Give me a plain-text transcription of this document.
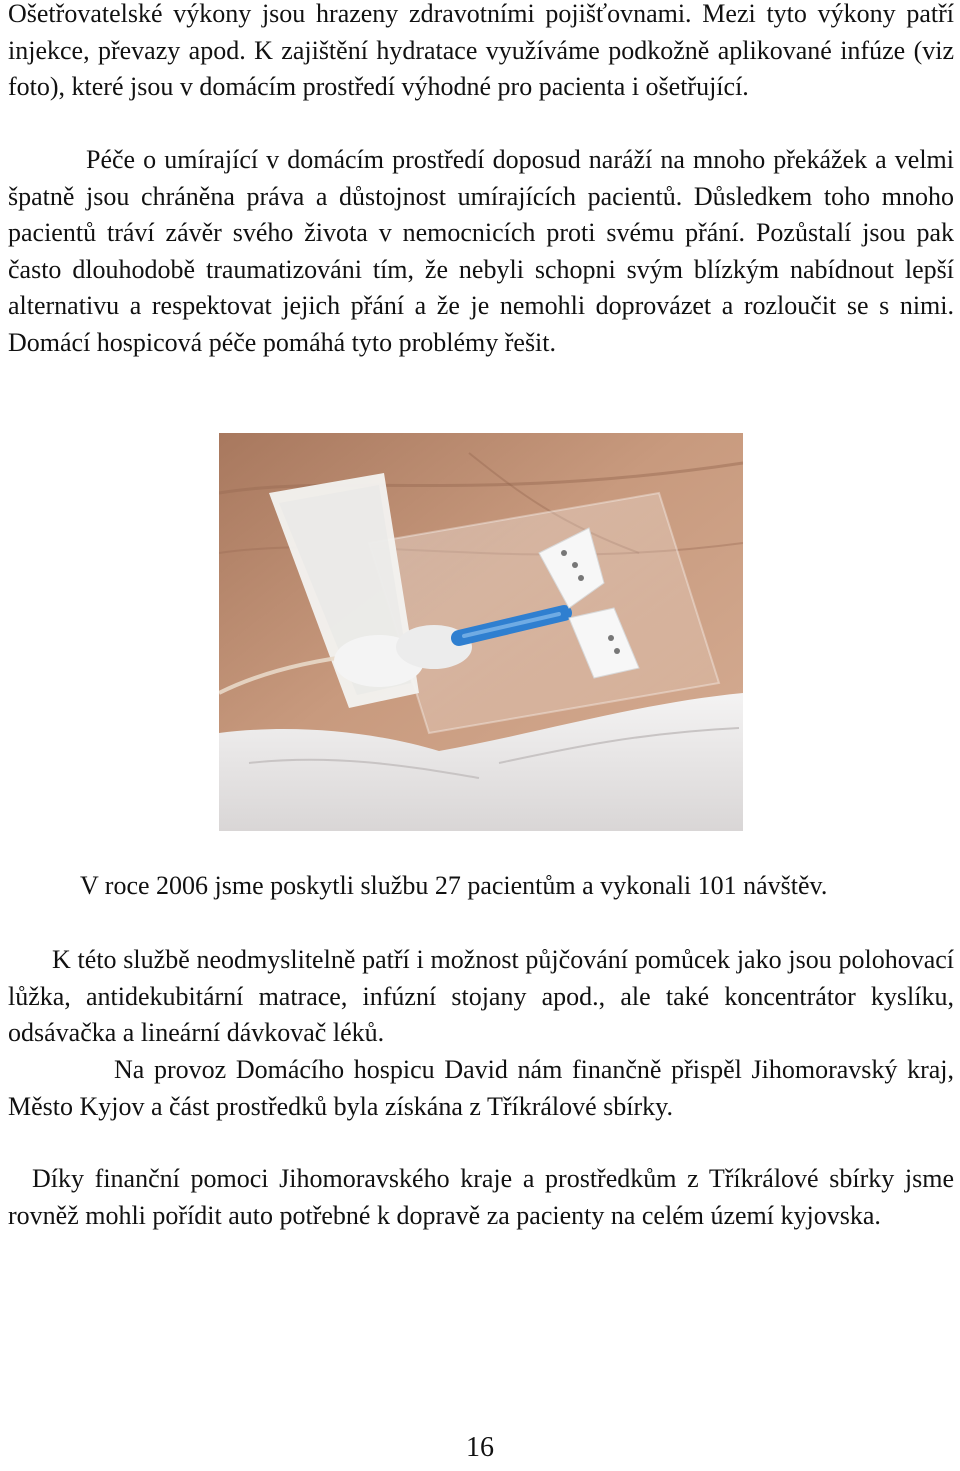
Ošetřovatelské výkony jsou hrazeny zdravotními pojišťovnami. Mezi tyto výkony patří injekce, převazy apod. K zajištění hydratace využíváme podkožně aplikované infúze (viz foto), které jsou v domácím prostředí výhodné pro pacienta i ošetřující.

Péče o umírající v domácím prostředí doposud naráží na mnoho překážek a velmi špatně jsou chráněna práva a důstojnost umírajících pacientů. Důsledkem toho mnoho pacientů tráví závěr svého života v nemocnicích proti svému přání. Pozůstalí jsou pak často dlouhodobě traumatizováni tím, že nebyli schopni svým blízkým nabídnout lepší alternativu a respektovat jejich přání a že je nemohli doprovázet a rozloučit se s nimi. Domácí hospicová péče pomáhá tyto problémy řešit.

V roce 2006 jsme poskytli službu 27 pacientům a vykonali 101 návštěv.

K této službě neodmyslitelně patří i možnost půjčování pomůcek jako jsou polohovací lůžka, antidekubitární matrace, infúzní stojany apod., ale také koncentrátor kyslíku, odsávačka a lineární dávkovač léků.

Na provoz Domácího hospicu David nám finančně přispěl Jihomoravský kraj, Město Kyjov a část prostředků byla získána z Tříkrálové sbírky.

Díky finanční pomoci Jihomoravského kraje a prostředkům z Tříkrálové sbírky jsme rovněž mohli pořídit auto potřebné k dopravě za pacienty na celém území kyjovska.

16
